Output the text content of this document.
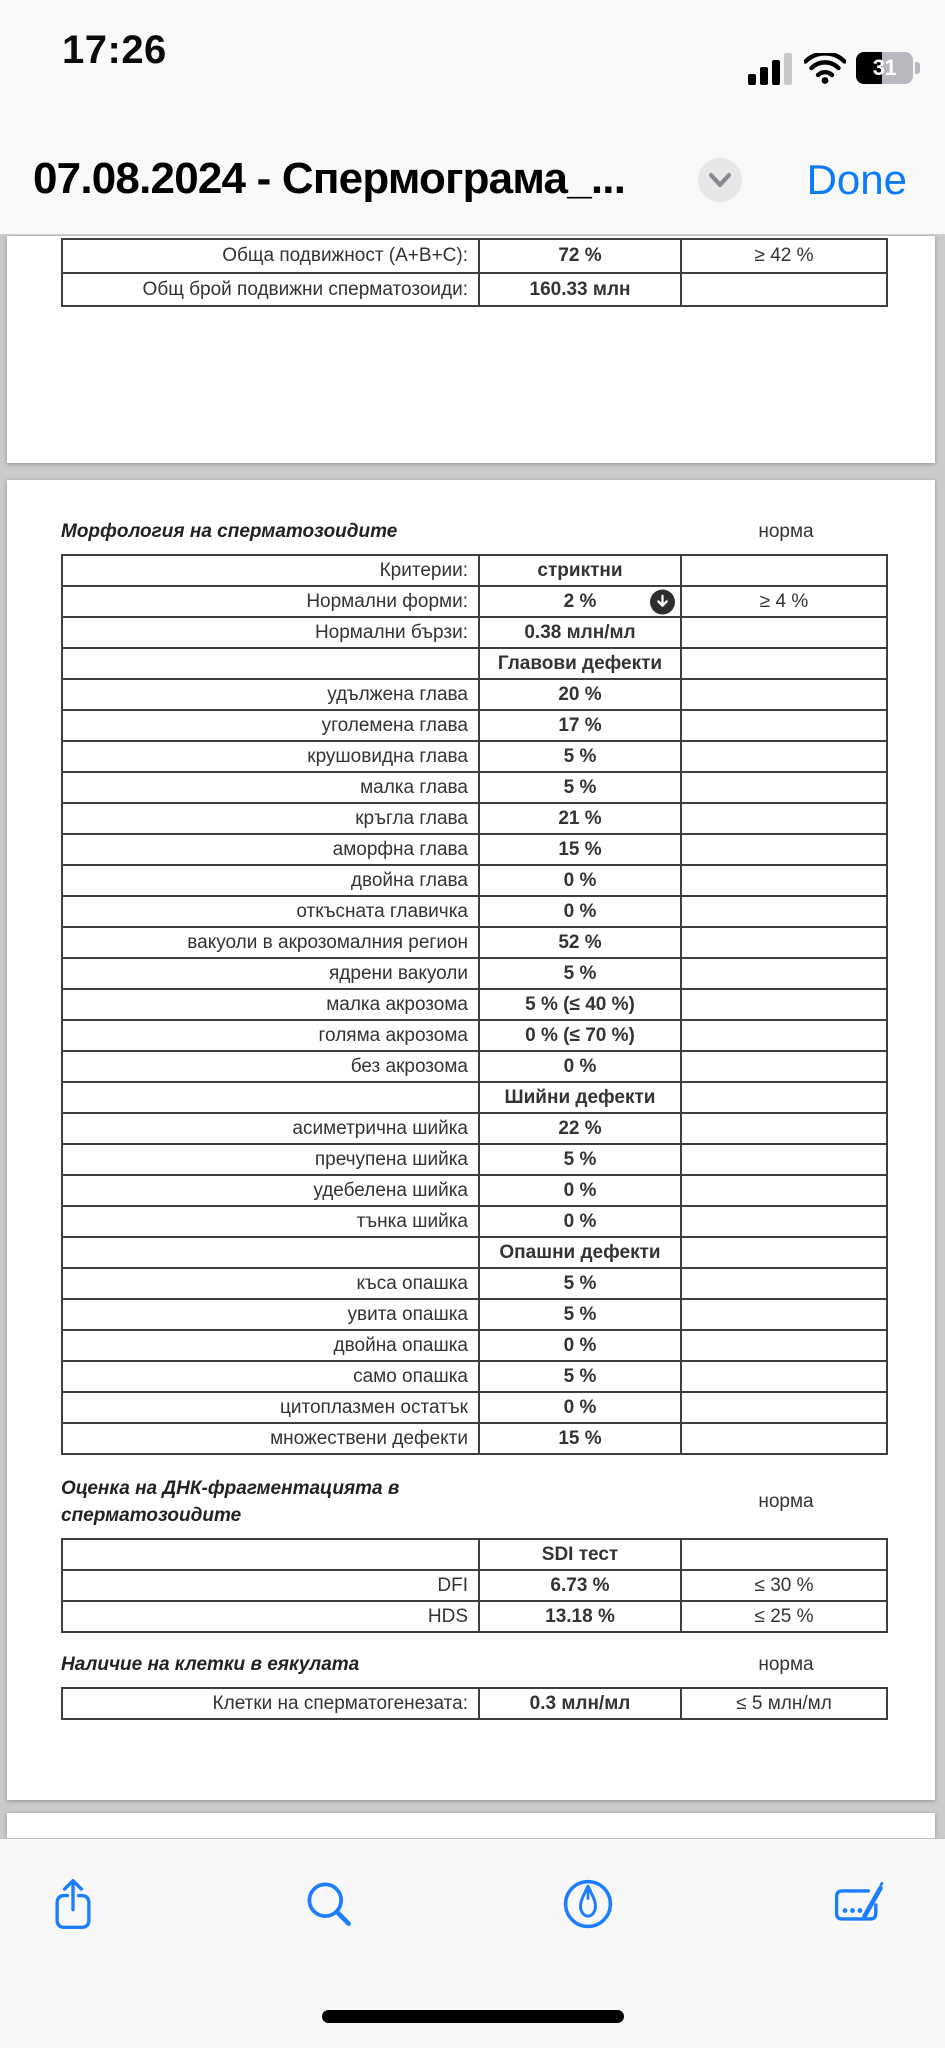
17:26	31
07.08.2024 - Спермограма_...	Done
Обща подвижност (А+В+С):	72 %	≥ 42 %
Общ брой подвижни сперматозоиди:	160.33 млн
Морфология на сперматозоидите	норма
Критерии:	стриктни
Нормални форми:	2 %	≥ 4 %
Нормални бързи:	0.38 млн/мл
Главови дефекти
удължена глава	20 %
уголемена глава	17 %
крушовидна глава	5 %
малка глава	5 %
кръгла глава	21 %
аморфна глава	15 %
двойна глава	0 %
откъсната главичка	0 %
вакуоли в акрозомалния регион	52 %
ядрени вакуоли	5 %
малка акрозома	5 % (≤ 40 %)
голяма акрозома	0 % (≤ 70 %)
без акрозома	0 %
Шийни дефекти
асиметрична шийка	22 %
пречупена шийка	5 %
удебелена шийка	0 %
тънка шийка	0 %
Опашни дефекти
къса опашка	5 %
увита опашка	5 %
двойна опашка	0 %
само опашка	5 %
цитоплазмен остатък	0 %
множествени дефекти	15 %
Оценка на ДНК-фрагментацията в
сперматозоидите
норма
SDI тест
DFI	6.73 %	≤ 30 %
HDS	13.18 %	≤ 25 %
Наличие на клетки в еякулата	норма
Клетки на сперматогенезата:	0.3 млн/мл	≤ 5 млн/мл
